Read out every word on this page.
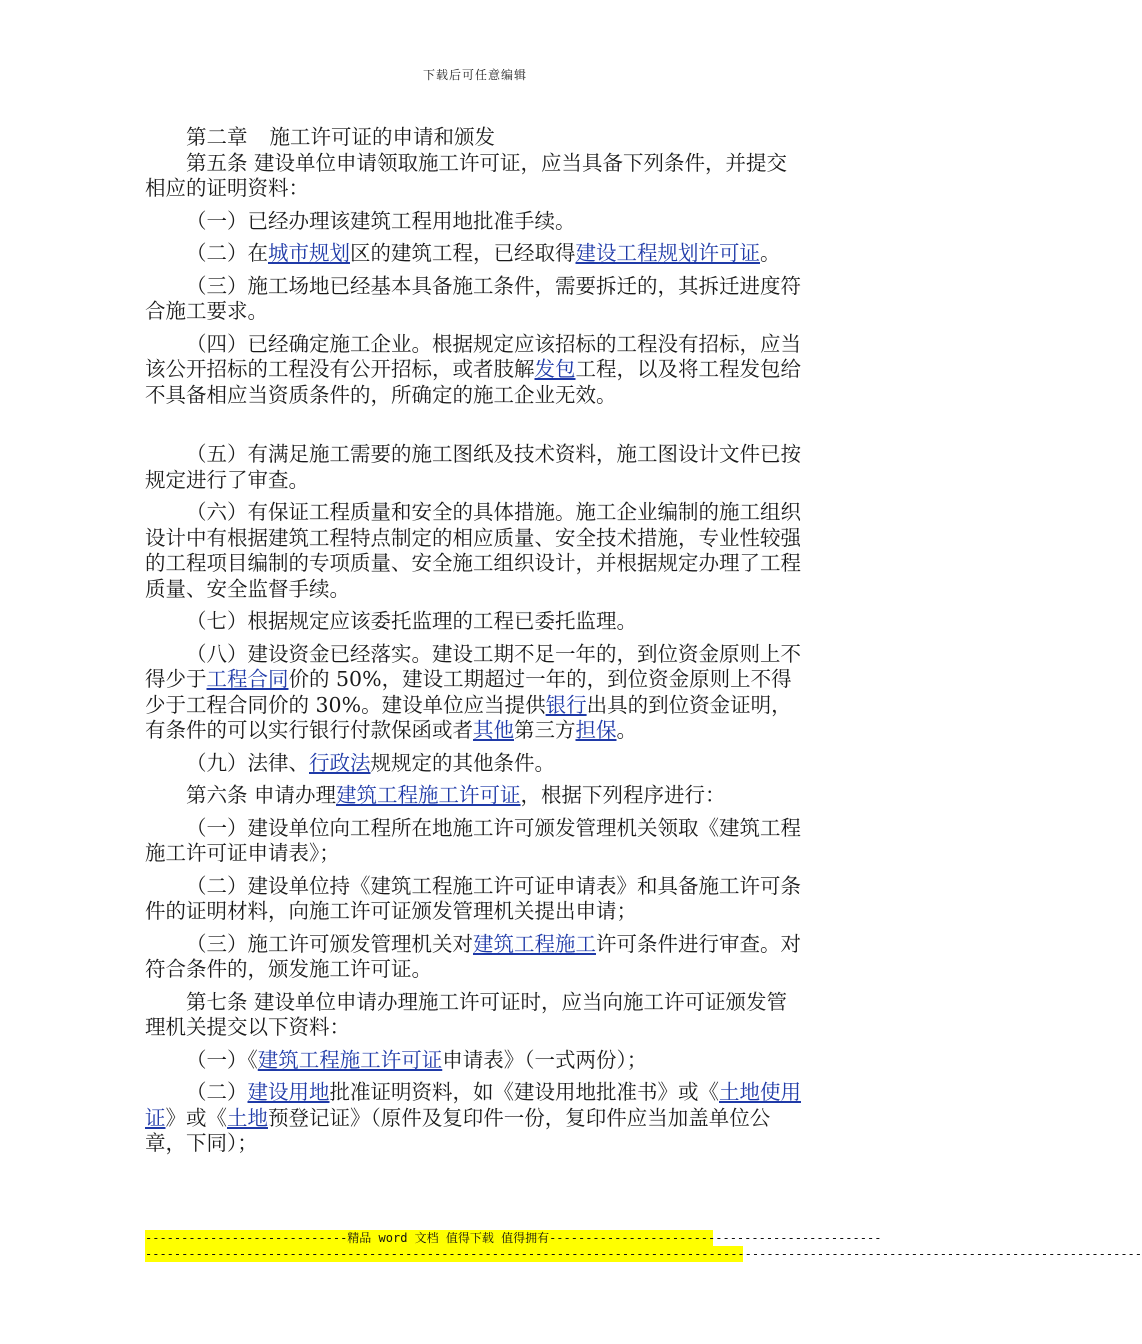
下载后可任意编辑

第二章 施工许可证的申请和颁发

第五条 建设单位申请领取施工许可证，应当具备下列条件，并提交相应的证明资料：

（一）已经办理该建筑工程用地批准手续。

（二）在城市规划区的建筑工程，已经取得建设工程规划许可证。

（三）施工场地已经基本具备施工条件，需要拆迁的，其拆迁进度符合施工要求。

（四）已经确定施工企业。根据规定应该招标的工程没有招标，应当该公开招标的工程没有公开招标，或者肢解发包工程，以及将工程发包给不具备相应当资质条件的，所确定的施工企业无效。

（五）有满足施工需要的施工图纸及技术资料，施工图设计文件已按规定进行了审查。

（六）有保证工程质量和安全的具体措施。施工企业编制的施工组织设计中有根据建筑工程特点制定的相应质量、安全技术措施，专业性较强的工程项目编制的专项质量、安全施工组织设计，并根据规定办理了工程质量、安全监督手续。

（七）根据规定应该委托监理的工程已委托监理。

（八）建设资金已经落实。建设工期不足一年的，到位资金原则上不得少于工程合同价的 50%，建设工期超过一年的，到位资金原则上不得少于工程合同价的 30%。建设单位应当提供银行出具的到位资金证明，有条件的可以实行银行付款保函或者其他第三方担保。

（九）法律、行政法规规定的其他条件。

第六条 申请办理建筑工程施工许可证，根据下列程序进行：

（一）建设单位向工程所在地施工许可颁发管理机关领取《建筑工程施工许可证申请表》；

（二）建设单位持《建筑工程施工许可证申请表》和具备施工许可条件的证明材料，向施工许可证颁发管理机关提出申请；

（三）施工许可颁发管理机关对建筑工程施工许可条件进行审查。对符合条件的，颁发施工许可证。

第七条 建设单位申请办理施工许可证时，应当向施工许可证颁发管理机关提交以下资料：

（一）《建筑工程施工许可证申请表》（一式两份）；

（二）建设用地批准证明资料，如《建设用地批准书》或《土地使用证》或《土地预登记证》（原件及复印件一份，复印件应当加盖单位公章，下同）；

----------------------------精品 word 文档 值得下载 值得拥有----------------------------------------------
------------------------------------------------------------------------------------------------------------------------------------------
